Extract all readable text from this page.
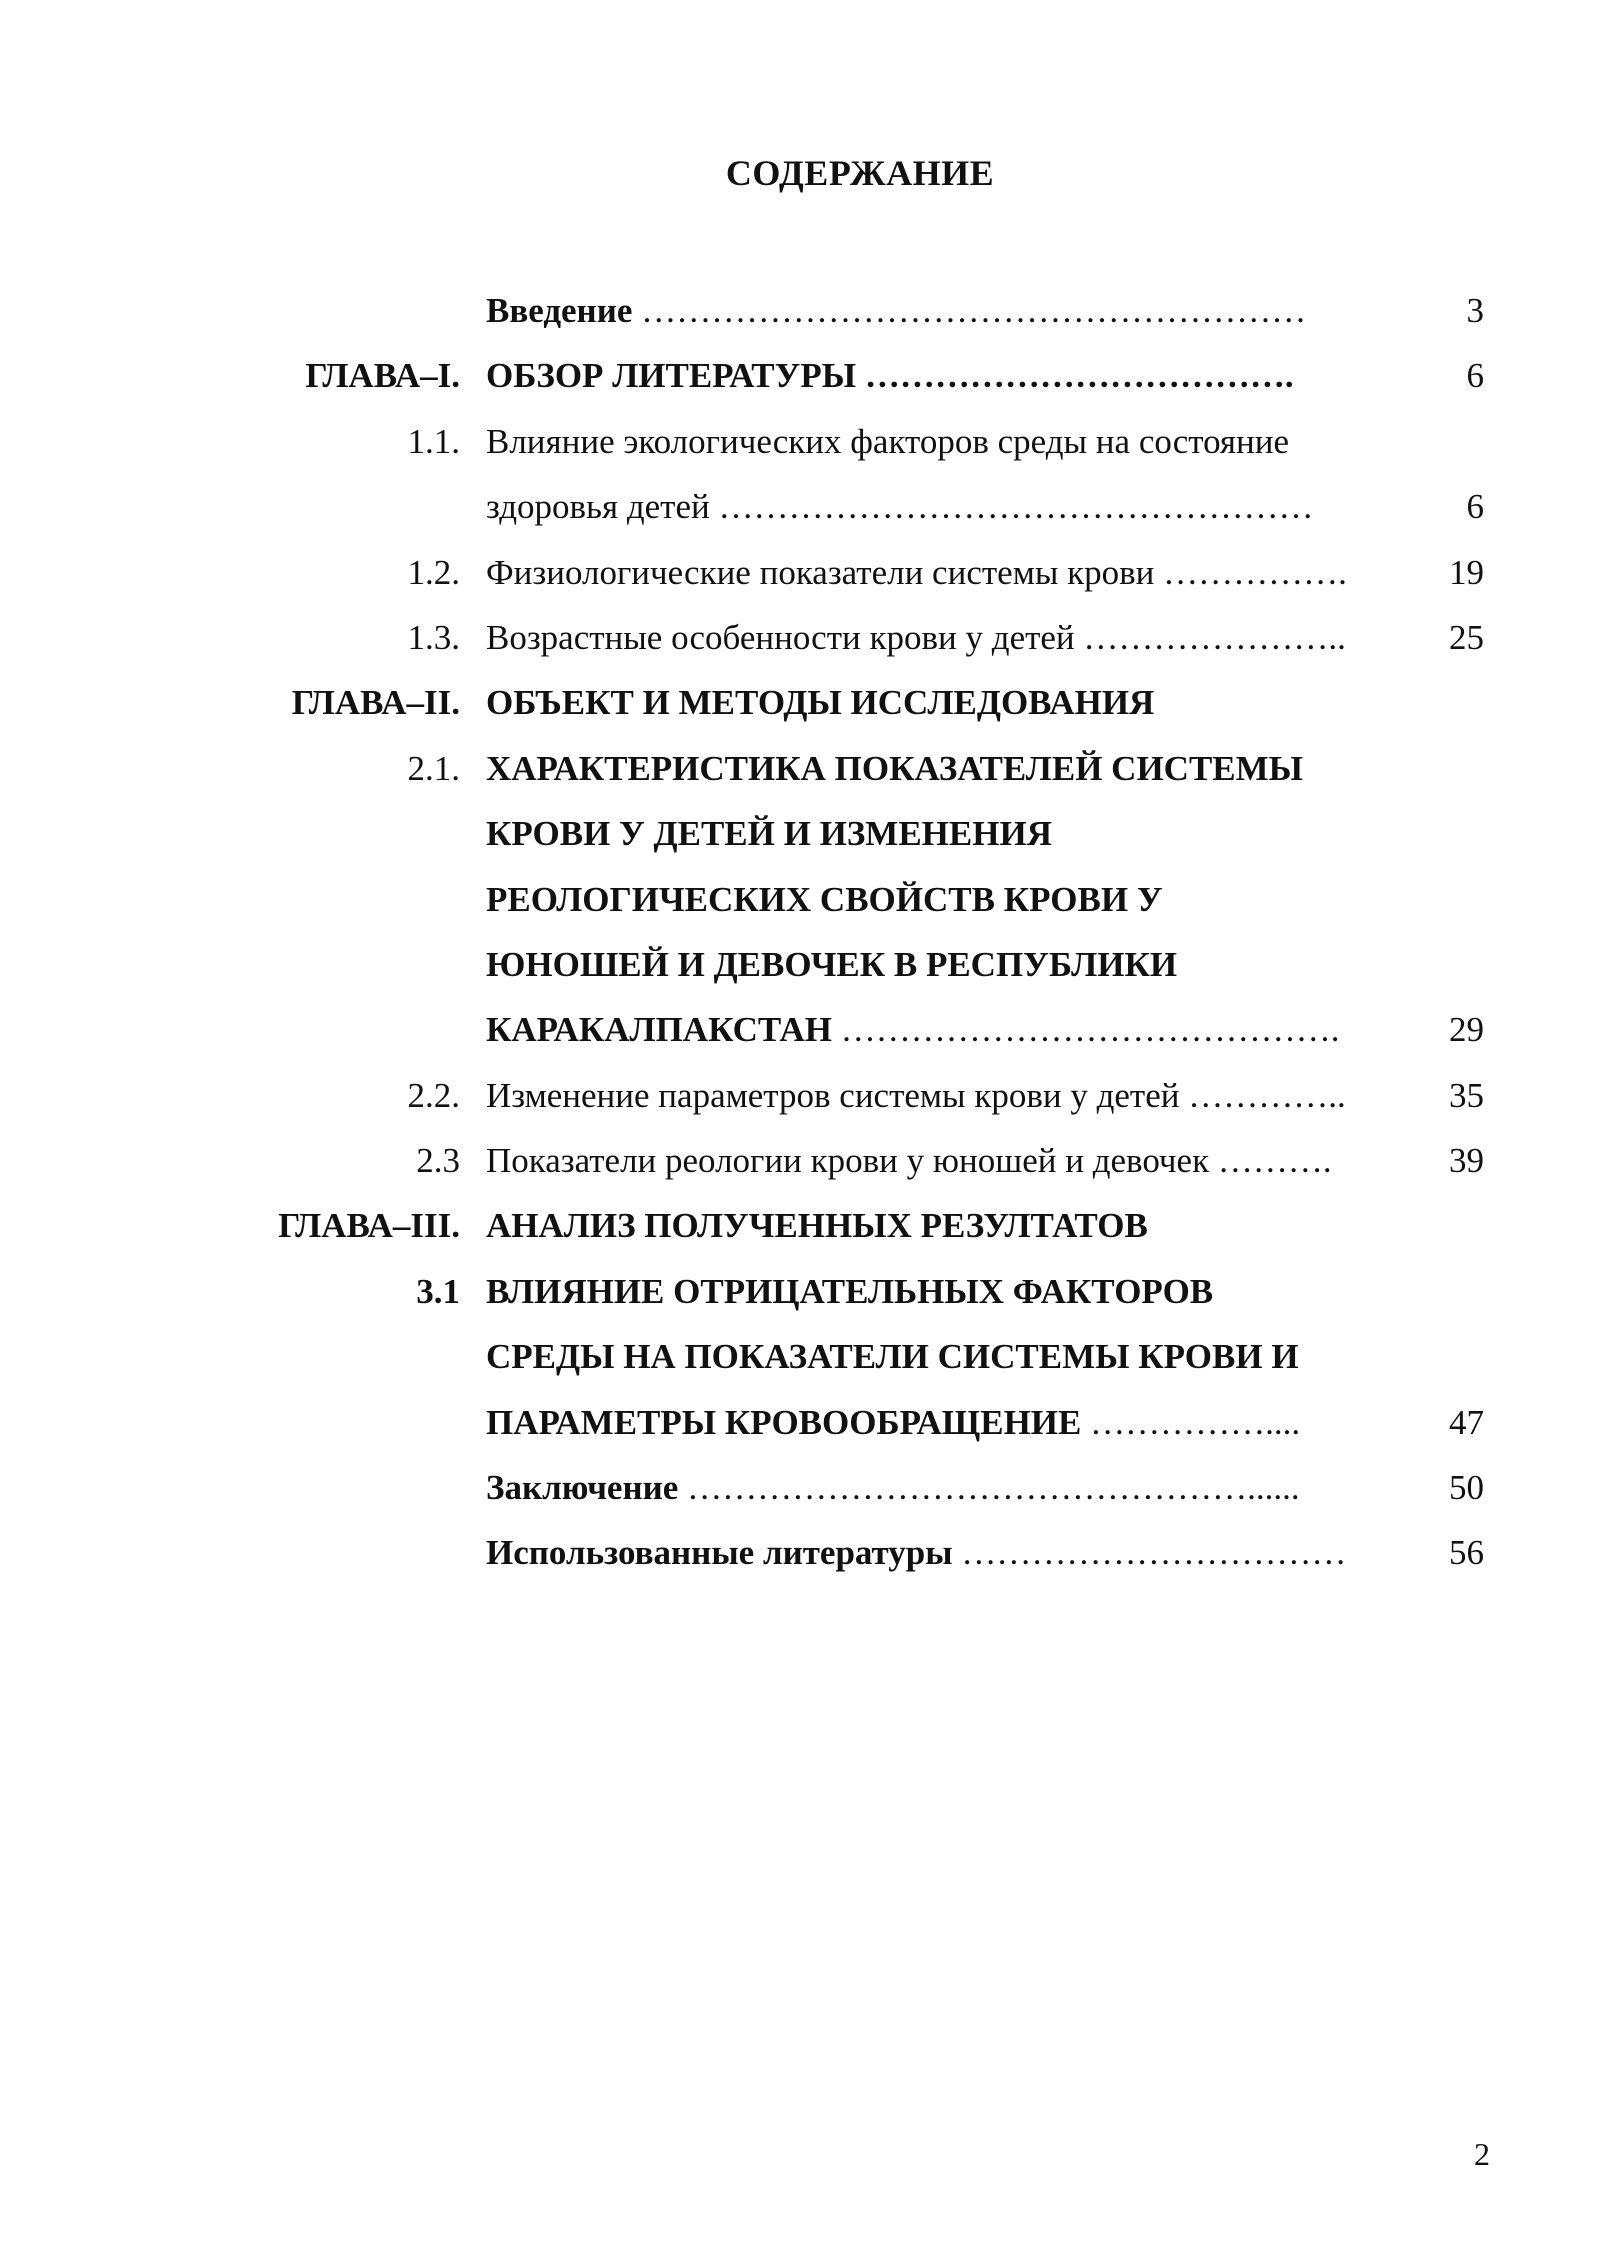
СОДЕРЖАНИЕ
Введение …………………………………………………	3
ГЛАВА–I. ОБЗОР ЛИТЕРАТУРЫ ……………………………….	6
1.1. Влияние экологических факторов среды на состояние
здоровья детей ……………………………………………	6
1.2. Физиологические показатели системы крови …………….	19
1.3. Возрастные особенности крови у детей …………………..	25
ГЛАВА–II. ОБЪЕКТ И МЕТОДЫ ИССЛЕДОВАНИЯ
2.1. ХАРАКТЕРИСТИКА ПОКАЗАТЕЛЕЙ СИСТЕМЫ
КРОВИ У ДЕТЕЙ И ИЗМЕНЕНИЯ
РЕОЛОГИЧЕСКИХ СВОЙСТВ КРОВИ У
ЮНОШЕЙ И ДЕВОЧЕК В РЕСПУБЛИКИ
КАРАКАЛПАКСТАН …………………………………….	29
2.2. Изменение параметров системы крови у детей …………..	35
2.3 Показатели реологии крови у юношей и девочек ……….	39
ГЛАВА–III. АНАЛИЗ ПОЛУЧЕННЫХ РЕЗУЛТАТОВ
3.1 ВЛИЯНИЕ ОТРИЦАТЕЛЬНЫХ ФАКТОРОВ
СРЕДЫ НА ПОКАЗАТЕЛИ СИСТЕМЫ КРОВИ И
ПАРАМЕТРЫ КРОВООБРАЩЕНИЕ ……………....	47
Заключение …………………………………………......	50
Использованные литературы ……………………………	56
2
